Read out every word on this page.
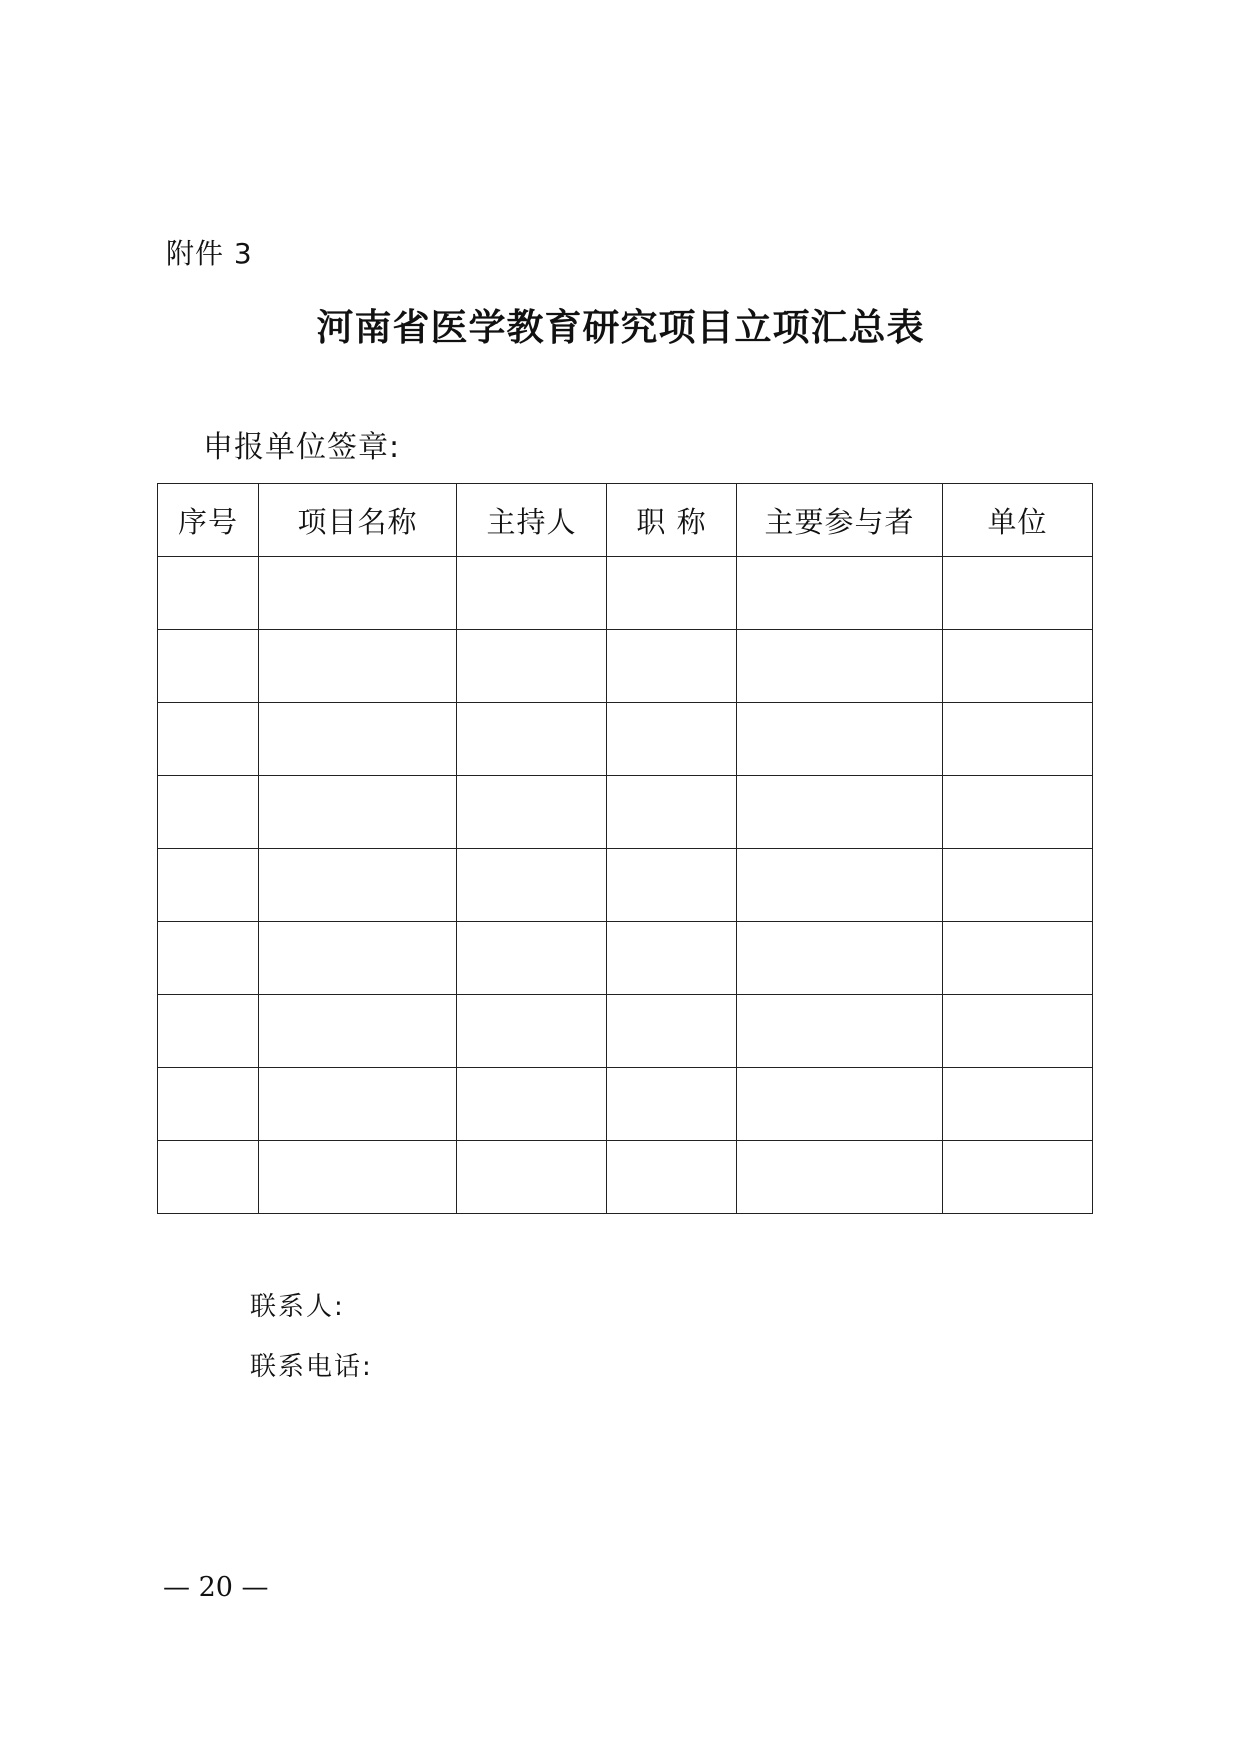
附件 3
河南省医学教育研究项目立项汇总表
申报单位签章:
序号	项目名称	主持人	职 称	主要参与者	单位

联系人:
联系电话:
— 20 —
